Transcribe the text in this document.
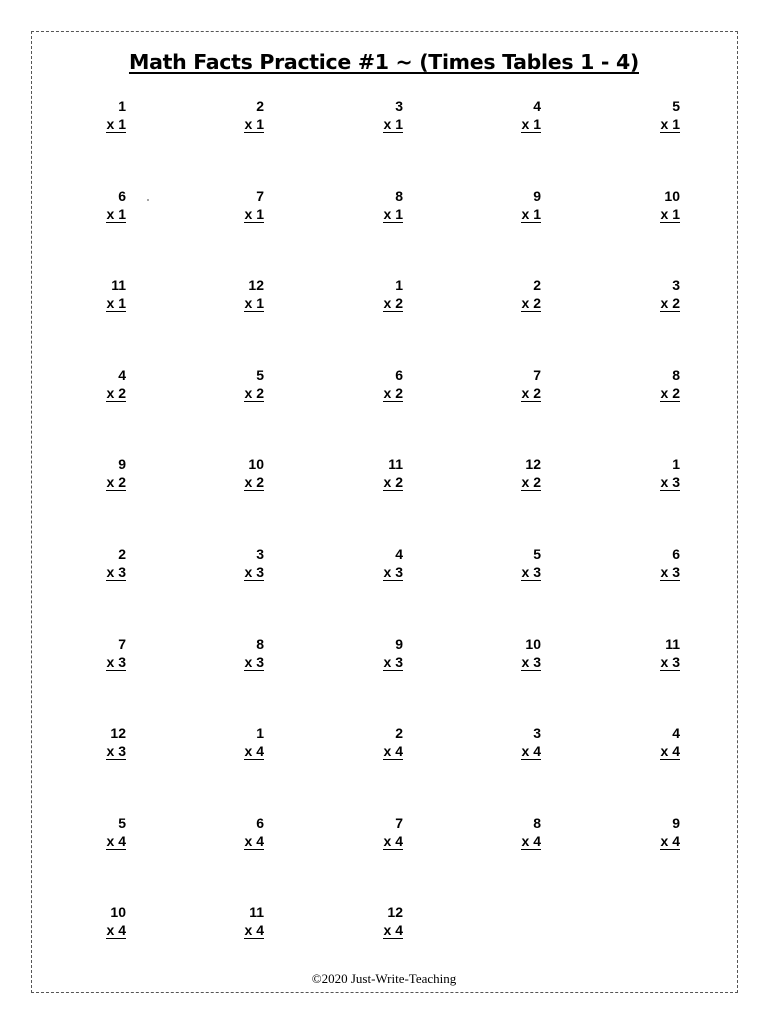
Math Facts Practice #1 ~ (Times Tables 1 - 4)
1
x 1
2
x 1
3
x 1
4
x 1
5
x 1
6
x 1
7
x 1
8
x 1
9
x 1
10
x 1
11
x 1
12
x 1
1
x 2
2
x 2
3
x 2
4
x 2
5
x 2
6
x 2
7
x 2
8
x 2
9
x 2
10
x 2
11
x 2
12
x 2
1
x 3
2
x 3
3
x 3
4
x 3
5
x 3
6
x 3
7
x 3
8
x 3
9
x 3
10
x 3
11
x 3
12
x 3
1
x 4
2
x 4
3
x 4
4
x 4
5
x 4
6
x 4
7
x 4
8
x 4
9
x 4
10
x 4
11
x 4
12
x 4
©2020 Just-Write-Teaching
